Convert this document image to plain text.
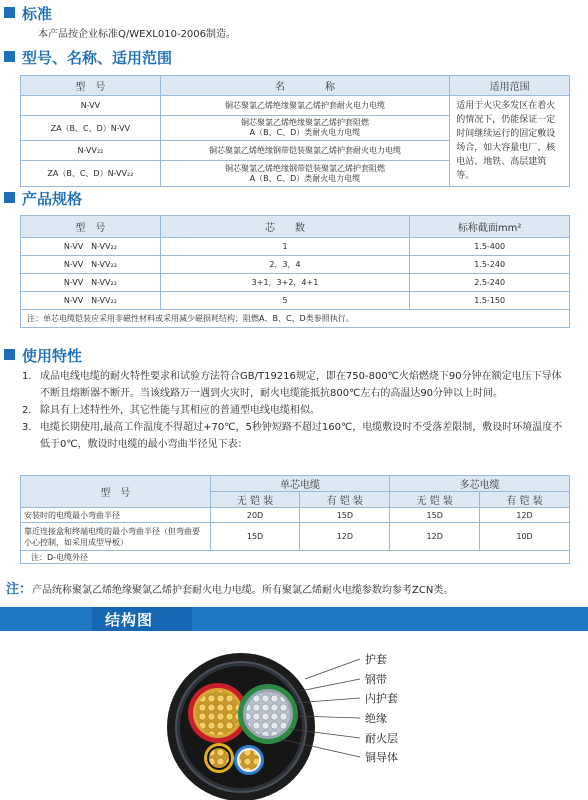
标准
本产品按企业标准Q/WEXL010-2006制造。
型号、名称、适用范围
型　号	名　　　　称	适用范围
N-VV	铜芯聚氯乙烯绝缘聚氯乙烯护套耐火电力电缆	适用于火灾多发区在着火的情况下，仍能保证一定时间继续运行的固定敷设场合，如大容量电厂、核电站、地铁、高层建筑等。
ZA（B、C、D）N-VV	铜芯聚氯乙烯绝缘聚氯乙烯护套阻燃
A（B、C、D）类耐火电力电缆	
N-VV₂₂	铜芯聚氯乙烯绝缘钢带铠装聚氯乙烯护套耐火电力电缆	
ZA（B、C、D）N-VV₂₂	铜芯聚氯乙烯绝缘钢带铠装聚氯乙烯护套阻燃
A（B、C、D）类耐火电力电缆	
产品规格
型　号	芯　　数	标称截面mm²
N-VV　N-VV₂₂	1	1.5-400
N-VV　N-VV₂₂	2，3，4	1.5-240
N-VV　N-VV₂₂	3+1，3+2，4+1	2.5-240
N-VV　N-VV₂₂	5	1.5-150
注：单芯电缆铠装应采用非磁性材料或采用减少磁损耗结构；阻燃A、B、C、D类参照执行。		
使用特性
1. 成品电线电缆的耐火特性要求和试验方法符合GB/T19216规定，即在750-800℃火焰燃烧下90分钟在额定电压下导体不断且熔断器不断开。当该线路万一遇到火灾时，耐火电缆能抵抗800℃左右的高温达90分钟以上时间。
2. 除具有上述特性外，其它性能与其相应的普通型电线电缆相似。
3. 电缆长期使用,最高工作温度不得超过+70℃，5秒钟短路不超过160℃，电缆敷设时不受落差限制，敷设时环境温度不低于0℃，敷设时电缆的最小弯曲半径见下表：
型　号	单芯电缆		多芯电缆	
	无 铠 装	有 铠 装	无 铠 装	有 铠 装
安装时的电缆最小弯曲半径	20D	15D	15D	12D
靠近连接盒和终端电缆的最小弯曲半径（但弯曲要小心控制，如采用成型导板）	15D	12D	12D	10D
注：D-电缆外径				
注：产品统称聚氯乙烯绝缘聚氯乙烯护套耐火电力电缆。所有聚氯乙烯耐火电缆参数均参考ZCN类。
结构图
护套
钢带
内护套
绝缘
耐火层
铜导体
